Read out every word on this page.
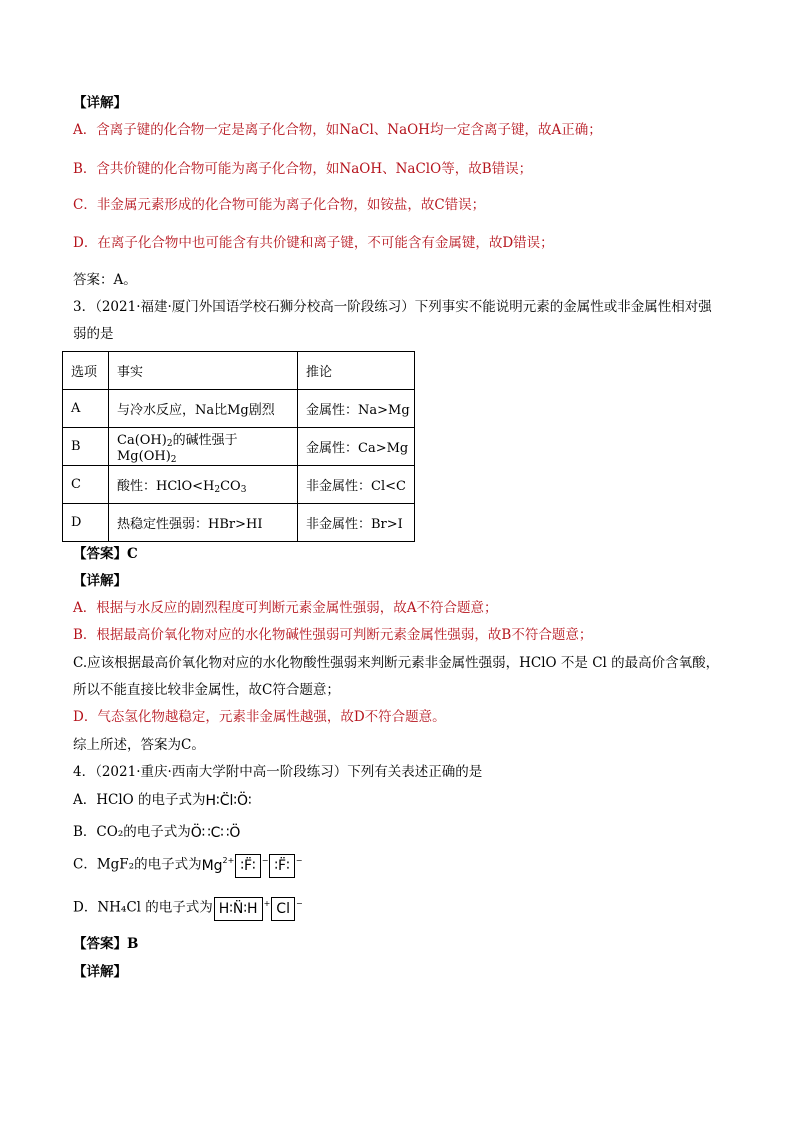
【详解】
A．含离子键的化合物一定是离子化合物，如NaCl、NaOH均一定含离子键，故A正确；
B．含共价键的化合物可能为离子化合物，如NaOH、NaClO等，故B错误；
C．非金属元素形成的化合物可能为离子化合物，如铵盐，故C错误；
D．在离子化合物中也可能含有共价键和离子键，不可能含有金属键，故D错误；
答案：A。
3．（2021·福建·厦门外国语学校石狮分校高一阶段练习）下列事实不能说明元素的金属性或非金属性相对强
弱的是
选项	事实	推论
A	与冷水反应，Na比Mg剧烈	金属性：Na>Mg
B	$Ca(OH)_2$的碱性强于 $Mg(OH)_2$	金属性：Ca>Mg
C	酸性：$HClO<H_2CO_3$	非金属性：Cl<C
D	热稳定性强弱：HBr>HI	非金属性：Br>I
【答案】C
【详解】
A．根据与水反应的剧烈程度可判断元素金属性强弱，故A不符合题意；
B．根据最高价氧化物对应的水化物碱性强弱可判断元素金属性强弱，故B不符合题意；
C.应该根据最高价氧化物对应的水化物酸性强弱来判断元素非金属性强弱，HClO 不是 Cl 的最高价含氧酸，
所以不能直接比较非金属性，故C符合题意；
D．气态氢化物越稳定，元素非金属性越强，故D不符合题意。
综上所述，答案为C。
4．（2021·重庆·西南大学附中高一阶段练习）下列有关表述正确的是
A．HClO 的电子式为H∶C̈l∶Ö∶
B．CO₂的电子式为Ö∷C∷Ö
C．MgF₂的电子式为$Mg^{2+}$ ∶F̈∶ − ∶F̈∶ −
D．NH₄Cl 的电子式为 H∶N̈∶H + Cl −
【答案】B
【详解】
